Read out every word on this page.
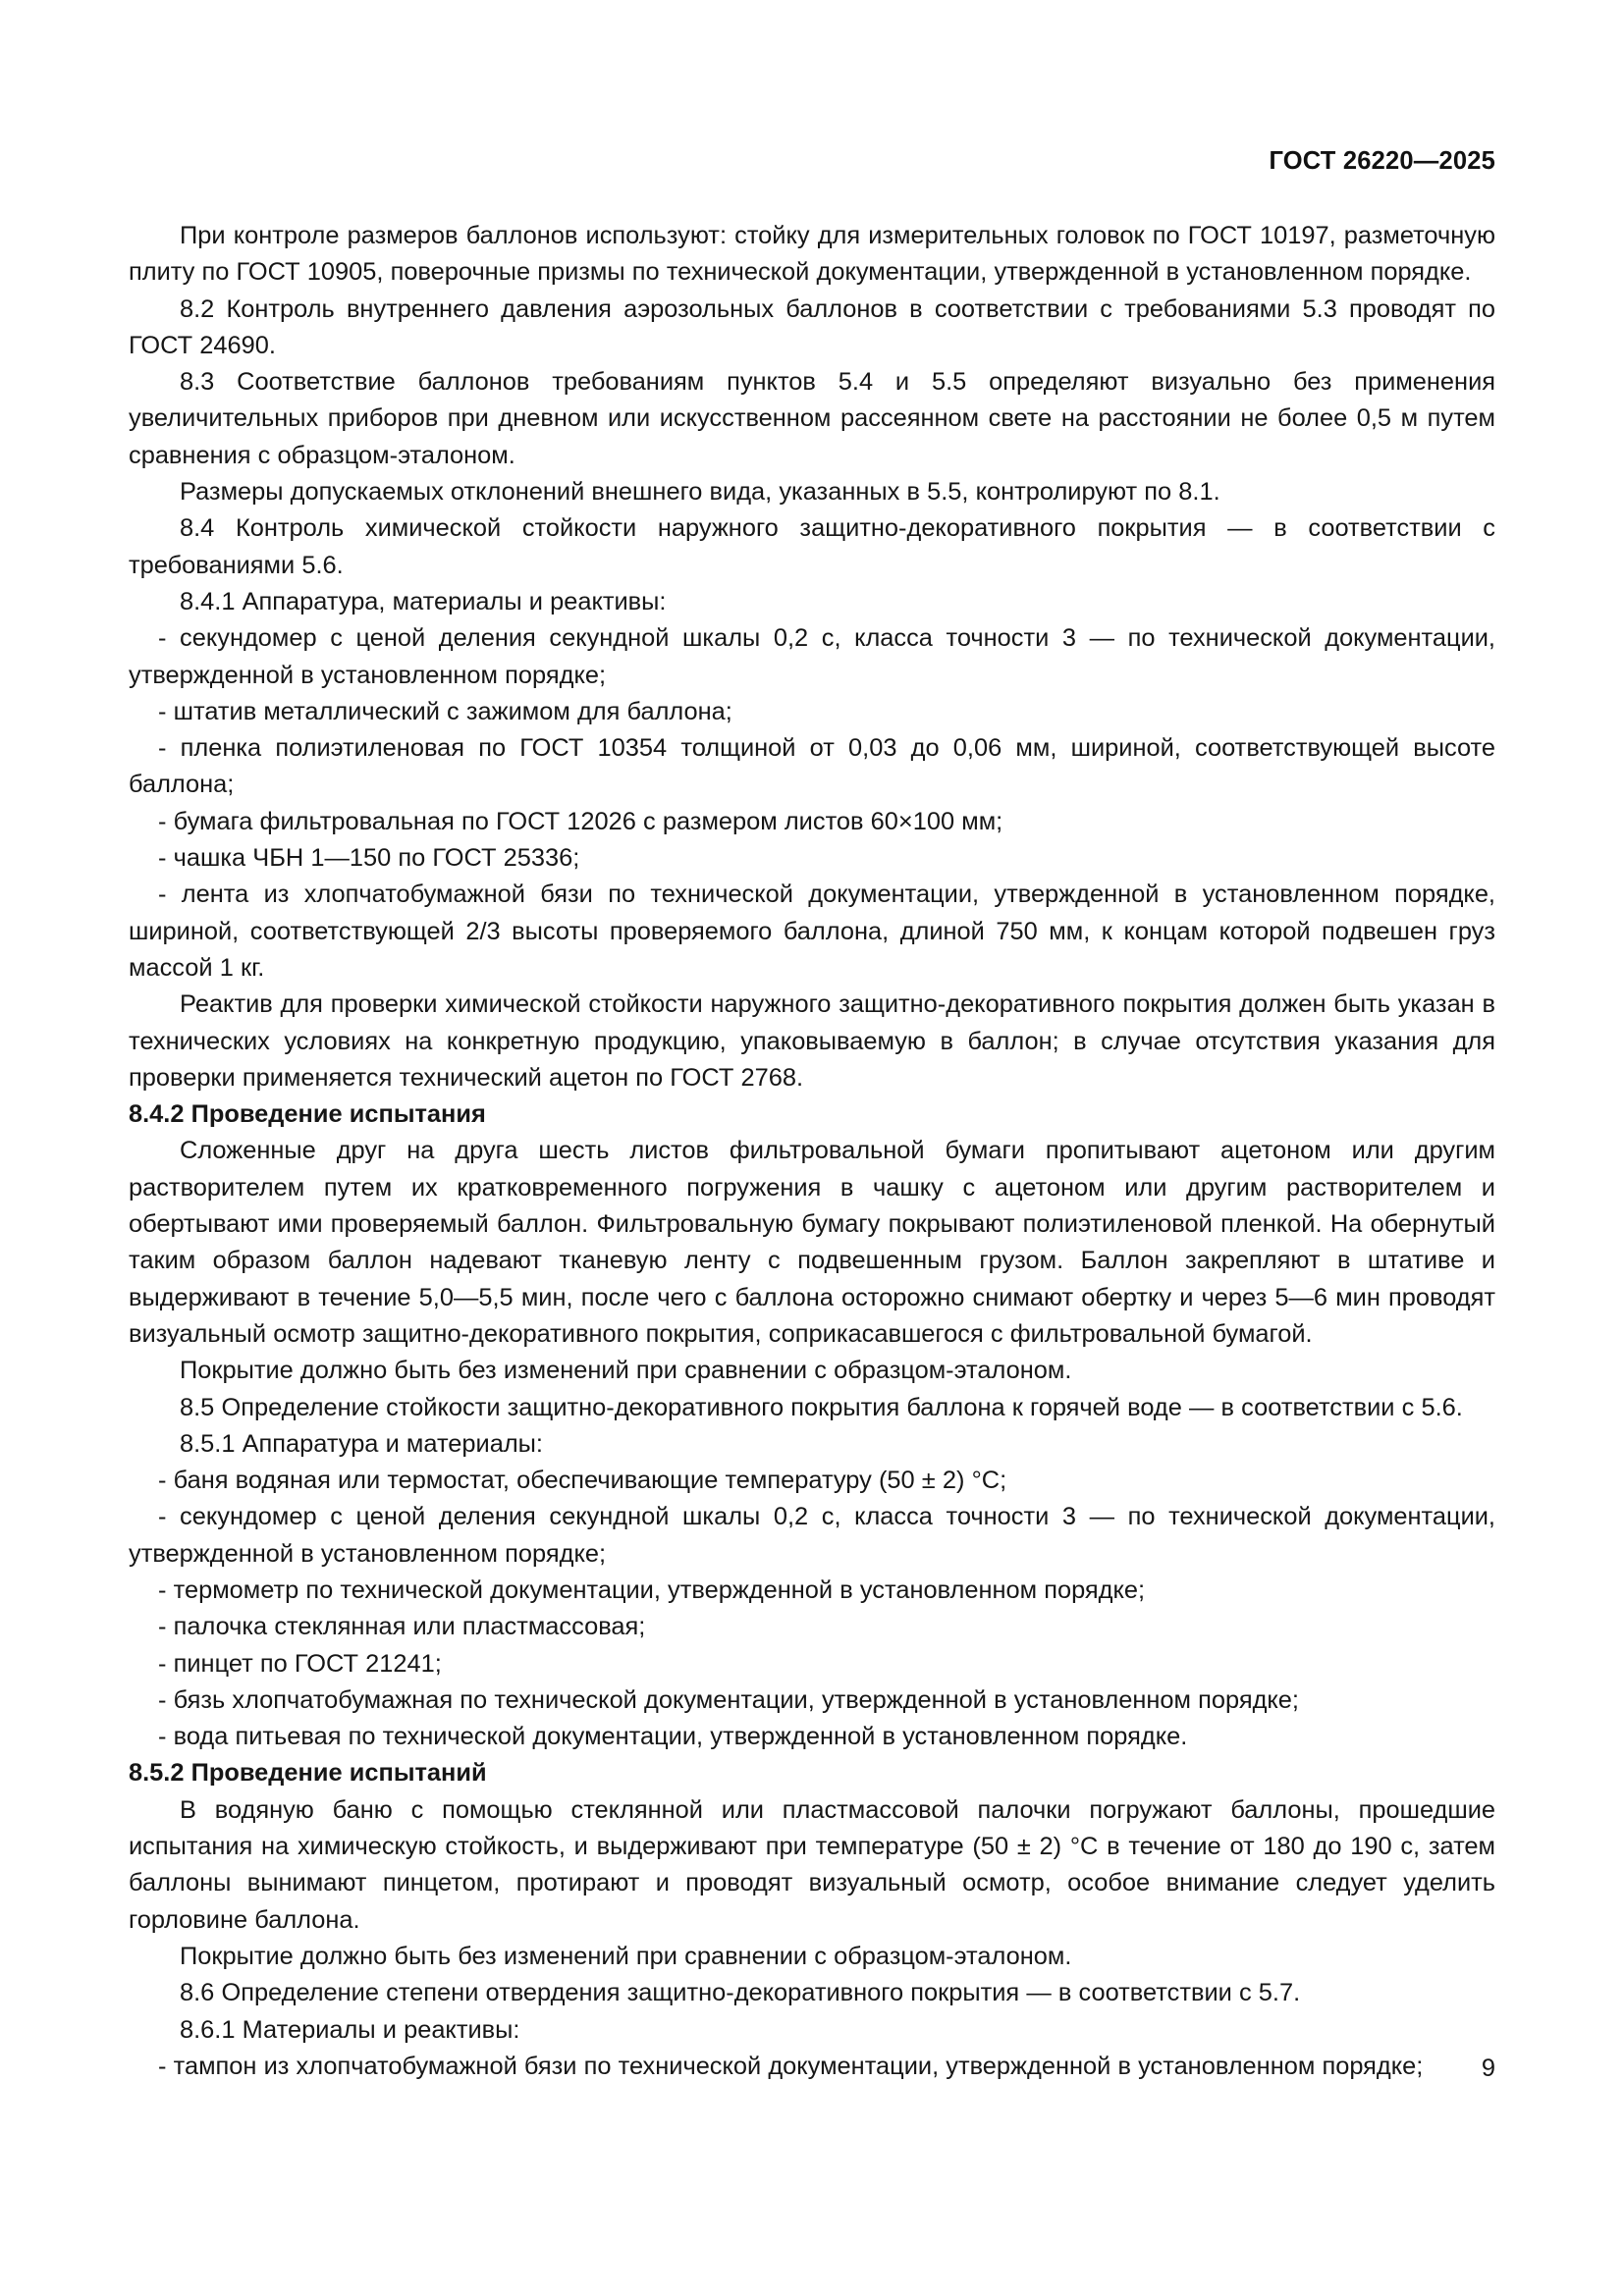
ГОСТ 26220—2025

При контроле размеров баллонов используют: стойку для измерительных головок по ГОСТ 10197, разметочную плиту по ГОСТ 10905, поверочные призмы по технической документации, утвержденной в установленном порядке.

8.2 Контроль внутреннего давления аэрозольных баллонов в соответствии с требованиями 5.3 проводят по ГОСТ 24690.

8.3 Соответствие баллонов требованиям пунктов 5.4 и 5.5 определяют визуально без применения увеличительных приборов при дневном или искусственном рассеянном свете на расстоянии не более 0,5 м путем сравнения с образцом-эталоном.

Размеры допускаемых отклонений внешнего вида, указанных в 5.5, контролируют по 8.1.

8.4 Контроль химической стойкости наружного защитно-декоративного покрытия — в соответствии с требованиями 5.6.

8.4.1 Аппаратура, материалы и реактивы:

- секундомер с ценой деления секундной шкалы 0,2 с, класса точности 3 — по технической документации, утвержденной в установленном порядке;

- штатив металлический с зажимом для баллона;

- пленка полиэтиленовая по ГОСТ 10354 толщиной от 0,03 до 0,06 мм, шириной, соответствующей высоте баллона;

- бумага фильтровальная по ГОСТ 12026 с размером листов 60×100 мм;

- чашка ЧБН 1—150 по ГОСТ 25336;

- лента из хлопчатобумажной бязи по технической документации, утвержденной в установленном порядке, шириной, соответствующей 2/3 высоты проверяемого баллона, длиной 750 мм, к концам которой подвешен груз массой 1 кг.

Реактив для проверки химической стойкости наружного защитно-декоративного покрытия должен быть указан в технических условиях на конкретную продукцию, упаковываемую в баллон; в случае отсутствия указания для проверки применяется технический ацетон по ГОСТ 2768.

8.4.2 Проведение испытания

Сложенные друг на друга шесть листов фильтровальной бумаги пропитывают ацетоном или другим растворителем путем их кратковременного погружения в чашку с ацетоном или другим растворителем и обертывают ими проверяемый баллон. Фильтровальную бумагу покрывают полиэтиленовой пленкой. На обернутый таким образом баллон надевают тканевую ленту с подвешенным грузом. Баллон закрепляют в штативе и выдерживают в течение 5,0—5,5 мин, после чего с баллона осторожно снимают обертку и через 5—6 мин проводят визуальный осмотр защитно-декоративного покрытия, соприкасавшегося с фильтровальной бумагой.

Покрытие должно быть без изменений при сравнении с образцом-эталоном.

8.5 Определение стойкости защитно-декоративного покрытия баллона к горячей воде — в соответствии с 5.6.

8.5.1 Аппаратура и материалы:

- баня водяная или термостат, обеспечивающие температуру (50 ± 2) °C;

- секундомер с ценой деления секундной шкалы 0,2 с, класса точности 3 — по технической документации, утвержденной в установленном порядке;

- термометр по технической документации, утвержденной в установленном порядке;

- палочка стеклянная или пластмассовая;

- пинцет по ГОСТ 21241;

- бязь хлопчатобумажная по технической документации, утвержденной в установленном порядке;

- вода питьевая по технической документации, утвержденной в установленном порядке.

8.5.2 Проведение испытаний

В водяную баню с помощью стеклянной или пластмассовой палочки погружают баллоны, прошедшие испытания на химическую стойкость, и выдерживают при температуре (50 ± 2) °C в течение от 180 до 190 с, затем баллоны вынимают пинцетом, протирают и проводят визуальный осмотр, особое внимание следует уделить горловине баллона.

Покрытие должно быть без изменений при сравнении с образцом-эталоном.

8.6 Определение степени отвердения защитно-декоративного покрытия — в соответствии с 5.7.

8.6.1 Материалы и реактивы:

- тампон из хлопчатобумажной бязи по технической документации, утвержденной в установленном порядке;	9
